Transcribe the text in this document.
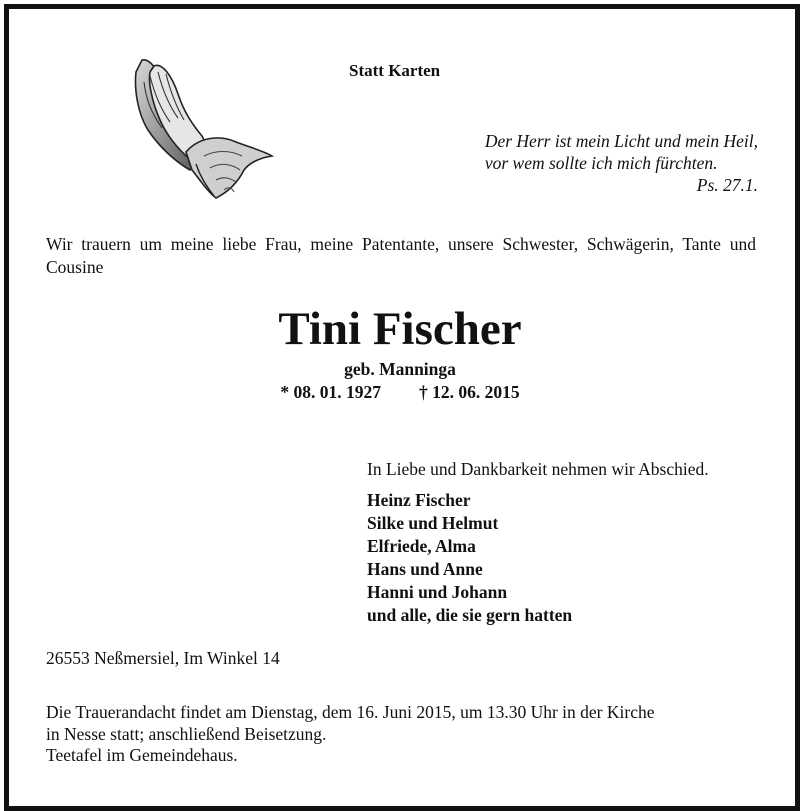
Statt Karten
Der Herr ist mein Licht und mein Heil,
vor wem sollte ich mich fürchten.
Ps. 27.1.
Wir trauern um meine liebe Frau, meine Patentante, unsere Schwester, Schwägerin, Tante und Cousine
Tini Fischer
geb. Manninga
* 08. 01. 1927 † 12. 06. 2015
In Liebe und Dankbarkeit nehmen wir Abschied.
Heinz Fischer
Silke und Helmut
Elfriede, Alma
Hans und Anne
Hanni und Johann
und alle, die sie gern hatten
26553 Neßmersiel, Im Winkel 14
Die Trauerandacht findet am Dienstag, dem 16. Juni 2015, um 13.30 Uhr in der Kirche
in Nesse statt; anschließend Beisetzung.
Teetafel im Gemeindehaus.
